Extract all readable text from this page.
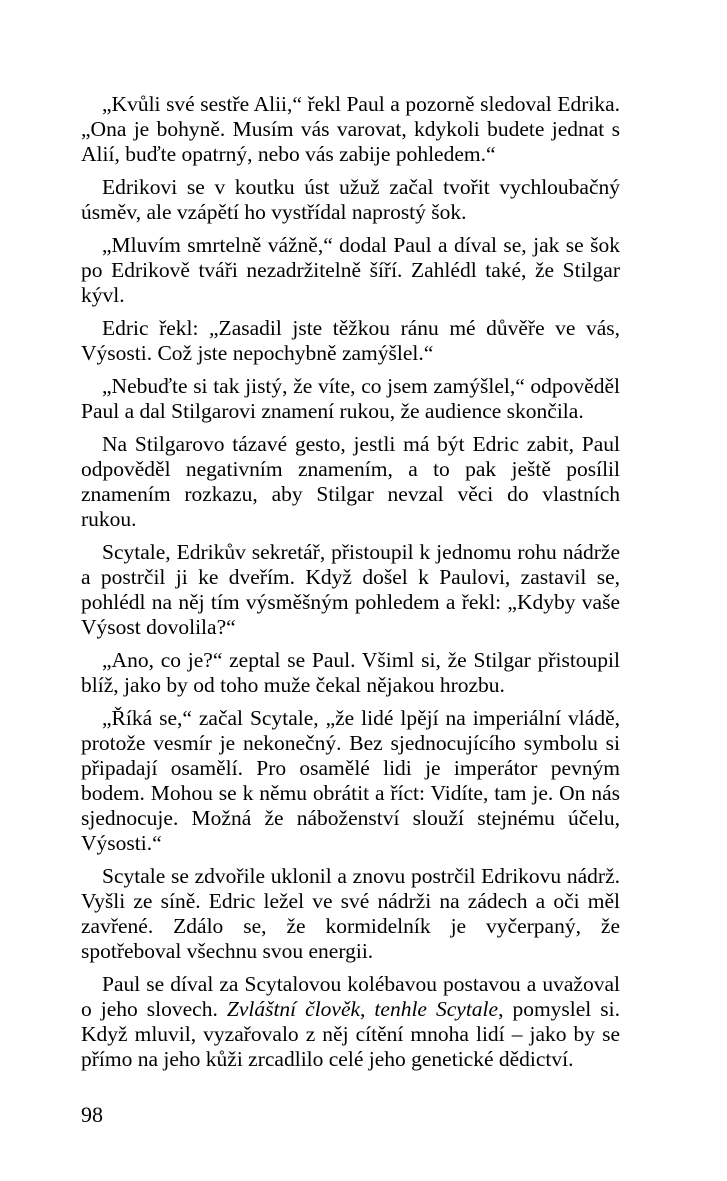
„Kvůli své sestře Alii,“ řekl Paul a pozorně sledoval Edrika. „Ona je bohyně. Musím vás varovat, kdykoli budete jednat s Alií, buďte opatrný, nebo vás zabije pohledem.“

Edrikovi se v koutku úst užuž začal tvořit vychloubačný úsměv, ale vzápětí ho vystřídal naprostý šok.

„Mluvím smrtelně vážně,“ dodal Paul a díval se, jak se šok po Edrikově tváři nezadržitelně šíří. Zahlédl také, že Stilgar kývl.

Edric řekl: „Zasadil jste těžkou ránu mé důvěře ve vás, Výsosti. Což jste nepochybně zamýšlel.“

„Nebuďte si tak jistý, že víte, co jsem zamýšlel,“ odpověděl Paul a dal Stilgarovi znamení rukou, že audience skončila.

Na Stilgarovo tázavé gesto, jestli má být Edric zabit, Paul odpověděl negativním znamením, a to pak ještě posílil znamením rozkazu, aby Stilgar nevzal věci do vlastních rukou.

Scytale, Edrikův sekretář, přistoupil k jednomu rohu nádrže a postrčil ji ke dveřím. Když došel k Paulovi, zastavil se, pohlédl na něj tím výsměšným pohledem a řekl: „Kdyby vaše Výsost dovolila?“

„Ano, co je?“ zeptal se Paul. Všiml si, že Stilgar přistoupil blíž, jako by od toho muže čekal nějakou hrozbu.

„Říká se,“ začal Scytale, „že lidé lpějí na imperiální vládě, protože vesmír je nekonečný. Bez sjednocujícího symbolu si připadají osamělí. Pro osamělé lidi je imperátor pevným bodem. Mohou se k němu obrátit a říct: Vidíte, tam je. On nás sjednocuje. Možná že náboženství slouží stejnému účelu, Výsosti.“

Scytale se zdvořile uklonil a znovu postrčil Edrikovu nádrž. Vyšli ze síně. Edric ležel ve své nádrži na zádech a oči měl zavřené. Zdálo se, že kormidelník je vyčerpaný, že spotřeboval všechnu svou energii.

Paul se díval za Scytalovou kolébavou postavou a uvažoval o jeho slovech. Zvláštní člověk, tenhle Scytale, pomyslel si. Když mluvil, vyzařovalo z něj cítění mnoha lidí – jako by se přímo na jeho kůži zrcadlilo celé jeho genetické dědictví.

98
